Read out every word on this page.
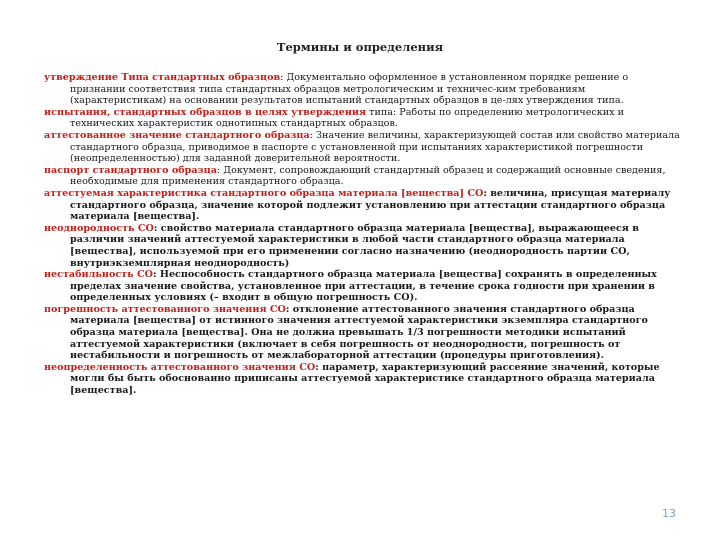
Термины и определения

утверждение Типа стандартных образцов: Документально оформленное в установленном порядке решение о признании соответствия типа стандартных образцов метрологическим и техничес-ким требованиям (характеристикам) на основании результатов испытаний стандартных образцов в це-лях утверждения типа.

испытания, стандартных образцов в целях утверждения типа: Работы по определению метрологических и технических характеристик однотипных стандартных образцов.

аттестованное значение стандартного образца: Значение величины, характеризующей состав или свойство материала стандартного образца, приводимое в паспорте с установленной при испытаниях характеристикой погрешности (неопределенностью) для заданной доверительной вероятности.

паспорт стандартного образца: Документ, сопровождающий стандартный образец и содержащий основные сведения, необходимые для применения стандартного образца.

аттестуемая характеристика стандартного образца материала [вещества] СО: величина, присущая материалу стандартного образца, значение которой подлежит установлению при аттестации стандартного образца материала [вещества].

неоднородность СО: свойство материала стандартного образца материала [вещества], выражающееся в различии значений аттестуемой характеристики в любой части стандартного образца материала [вещества], используемой при его применении согласно назначению (неоднородность партии СО, внутриэкземплярная неоднородность)

нестабильность СО: Неспособность стандартного образца материала [вещества] сохранять в определенных пределах значение свойства, установленное при аттестации, в течение срока годности при хранении в определенных условиях (– входит в общую погрешность СО).

погрешность аттестованного значения СО: отклонение аттестованного значения стандартного образца материала [вещества] от истинного значения аттестуемой характеристики экземпляра стандартного образца материала [вещества]. Она не должна превышать 1/3 погрешности методики испытаний аттестуемой характеристики (включает в себя погрешность от неоднородности, погрешность от нестабильности и погрешность от межлабораторной аттестации (процедуры приготовления).

неопределенность аттестованного значения СО: параметр, характеризующий рассеяние значений, которые могли бы быть обоснованно приписаны аттестуемой характеристике стандартного образца материала [вещества].

13
